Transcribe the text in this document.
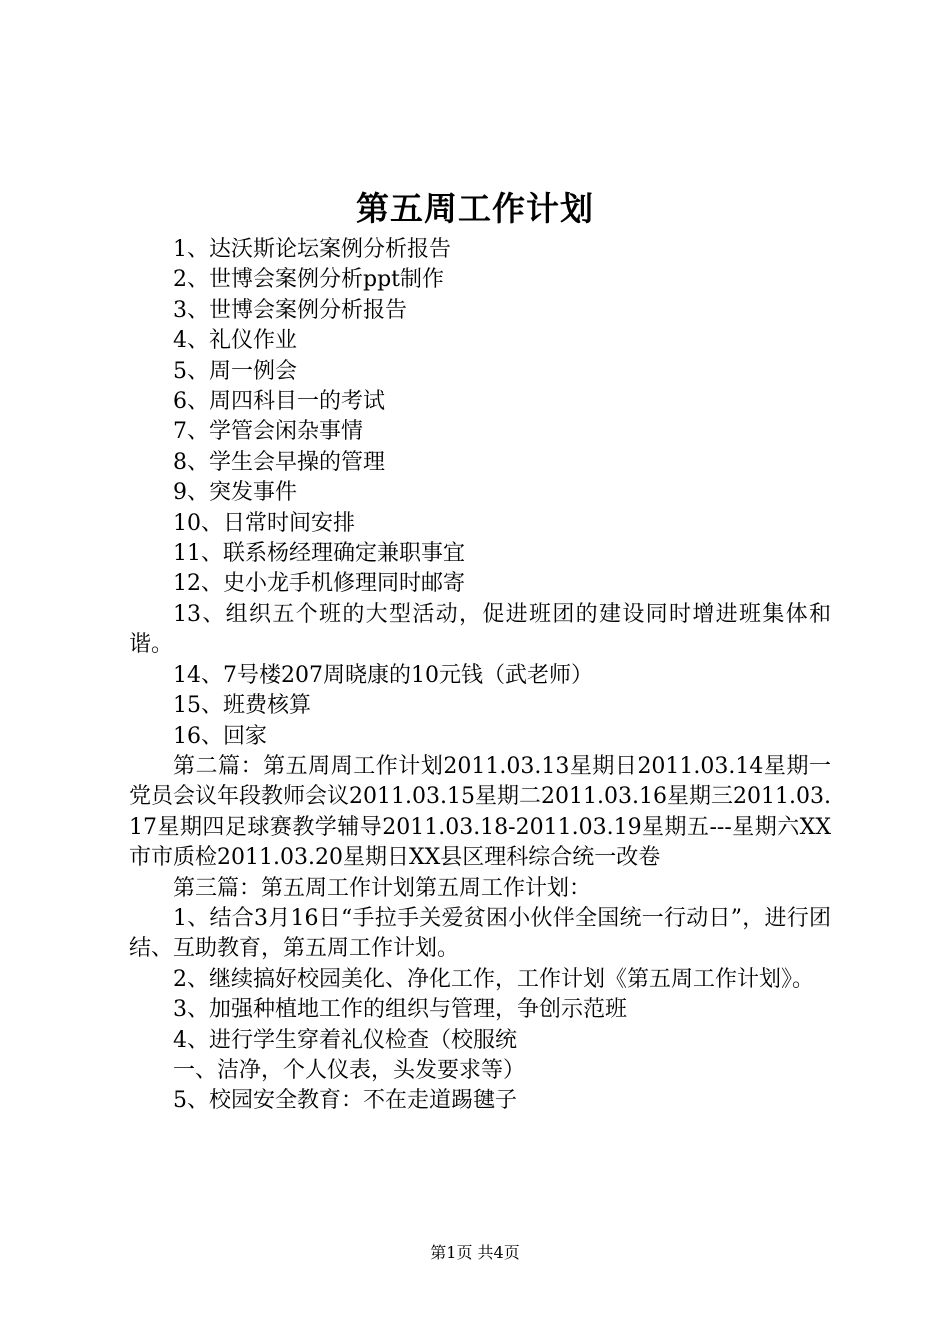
第五周工作计划

1、达沃斯论坛案例分析报告

2、世博会案例分析ppt制作

3、世博会案例分析报告

4、礼仪作业

5、周一例会

6、周四科目一的考试

7、学管会闲杂事情

8、学生会早操的管理

9、突发事件

10、日常时间安排

11、联系杨经理确定兼职事宜

12、史小龙手机修理同时邮寄

13、组织五个班的大型活动，促进班团的建设同时增进班集体和谐。

14、7号楼207周晓康的10元钱（武老师）

15、班费核算

16、回家

第二篇：第五周周工作计划2011.03.13星期日2011.03.14星期一党员会议年段教师会议2011.03.15星期二2011.03.16星期三2011.03.17星期四足球赛教学辅导2011.03.18-2011.03.19星期五---星期六XX市市质检2011.03.20星期日XX县区理科综合统一改卷

第三篇：第五周工作计划第五周工作计划：

1、结合3月16日“手拉手关爱贫困小伙伴全国统一行动日”，进行团结、互助教育，第五周工作计划。

2、继续搞好校园美化、净化工作，工作计划《第五周工作计划》。

3、加强种植地工作的组织与管理，争创示范班

4、进行学生穿着礼仪检查（校服统

一、洁净，个人仪表，头发要求等）

5、校园安全教育：不在走道踢毽子

第1页 共4页
